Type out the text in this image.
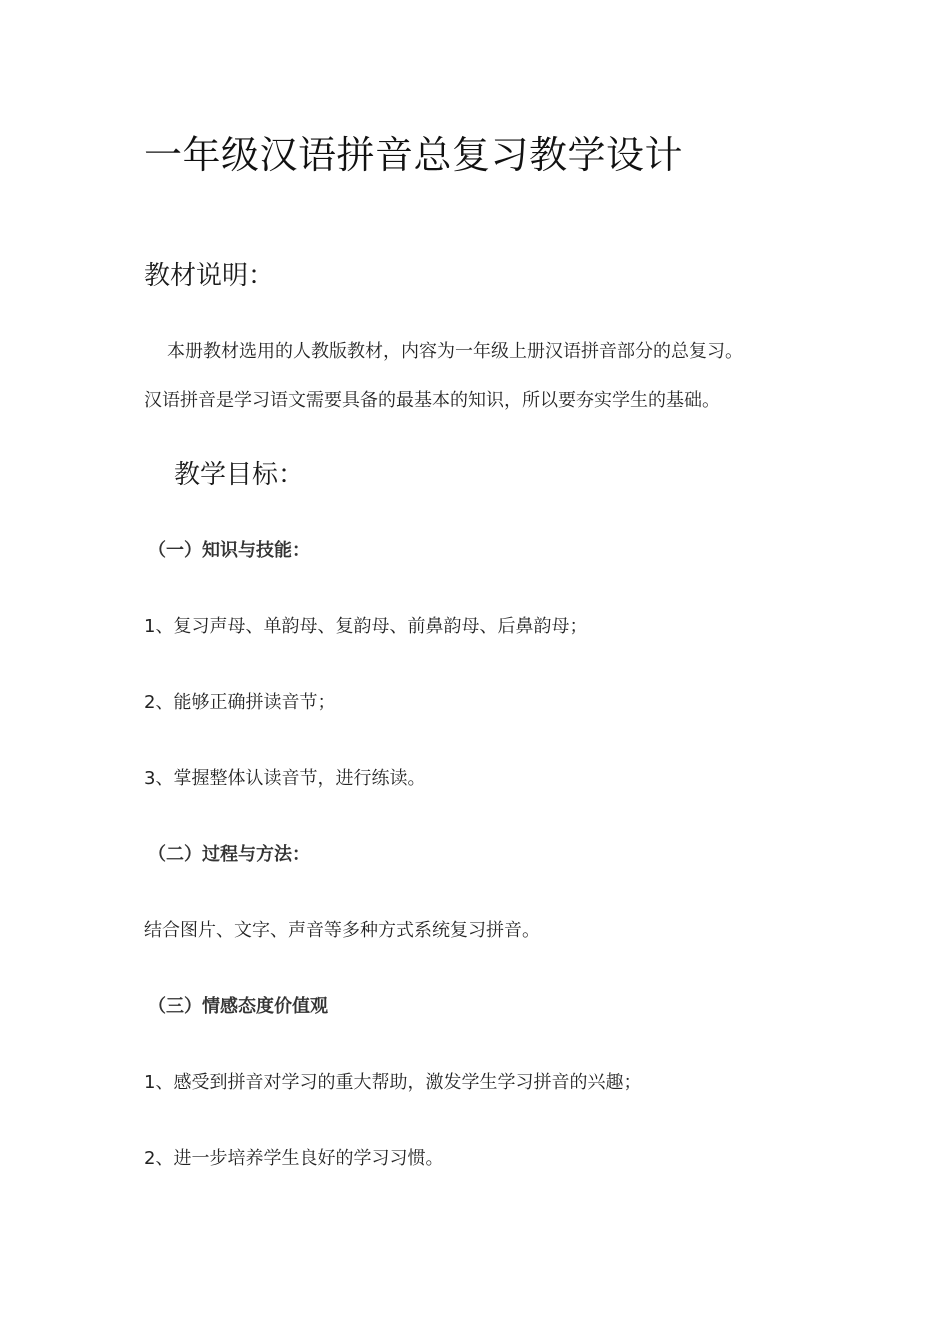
一年级汉语拼音总复习教学设计
教材说明：

本册教材选用的人教版教材，内容为一年级上册汉语拼音部分的总复习。

汉语拼音是学习语文需要具备的最基本的知识，所以要夯实学生的基础。

教学目标：
（一）知识与技能：

1、复习声母、单韵母、复韵母、前鼻韵母、后鼻韵母；

2、能够正确拼读音节；

3、掌握整体认读音节，进行练读。

（二）过程与方法：

结合图片、文字、声音等多种方式系统复习拼音。

（三）情感态度价值观

1、感受到拼音对学习的重大帮助，激发学生学习拼音的兴趣；

2、进一步培养学生良好的学习习惯。
